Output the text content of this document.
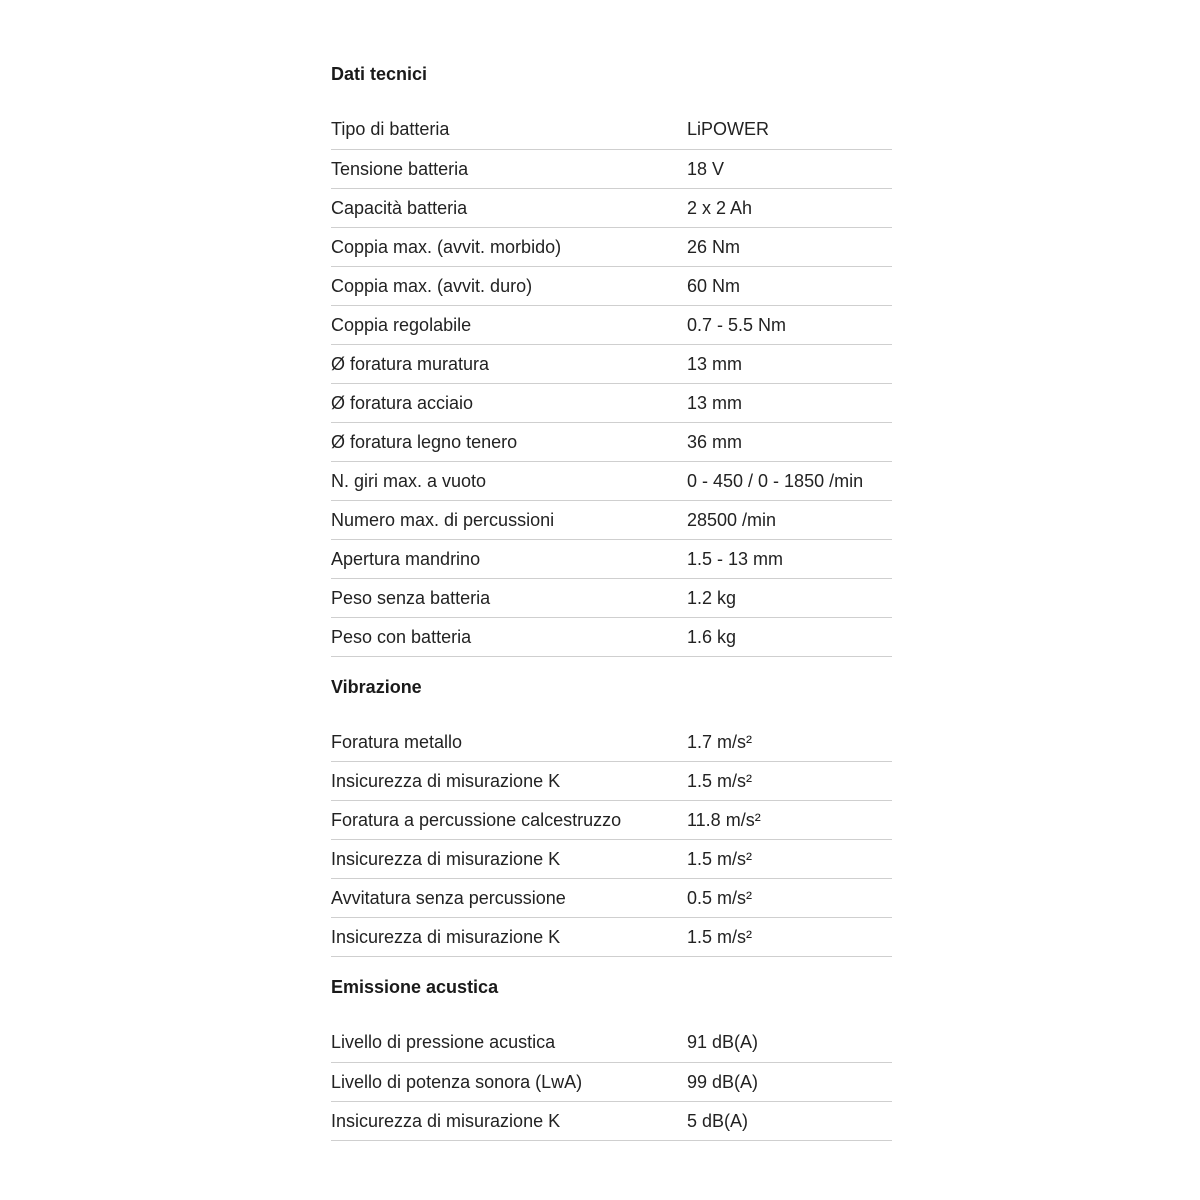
Dati tecnici
Tipo di batteria	LiPOWER
Tensione batteria	18 V
Capacità batteria	2 x 2 Ah
Coppia max. (avvit. morbido)	26 Nm
Coppia max. (avvit. duro)	60 Nm
Coppia regolabile	0.7 - 5.5 Nm
Ø foratura muratura	13 mm
Ø foratura acciaio	13 mm
Ø foratura legno tenero	36 mm
N. giri max. a vuoto	0 - 450 / 0 - 1850 /min
Numero max. di percussioni	28500 /min
Apertura mandrino	1.5 - 13 mm
Peso senza batteria	1.2 kg
Peso con batteria	1.6 kg
Vibrazione
Foratura metallo	1.7 m/s²
Insicurezza di misurazione K	1.5 m/s²
Foratura a percussione calcestruzzo	11.8 m/s²
Insicurezza di misurazione K	1.5 m/s²
Avvitatura senza percussione	0.5 m/s²
Insicurezza di misurazione K	1.5 m/s²
Emissione acustica
Livello di pressione acustica	91 dB(A)
Livello di potenza sonora (LwA)	99 dB(A)
Insicurezza di misurazione K	5 dB(A)
